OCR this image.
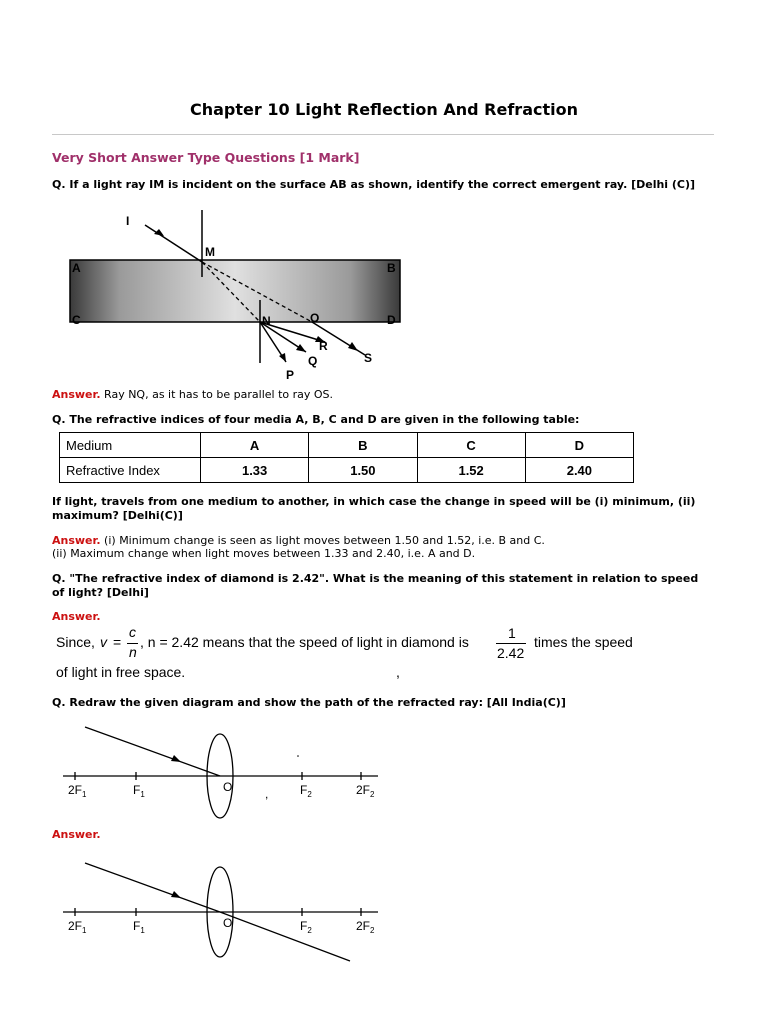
Chapter 10 Light Reflection And Refraction
Very Short Answer Type Questions [1 Mark]
Q. If a light ray IM is incident on the surface AB as shown, identify the correct emergent ray. [Delhi (C)]
I
M
A	B
C	D
N	O
R
Q
P
S
Answer. Ray NQ, as it has to be parallel to ray OS.
Q. The refractive indices of four media A, B, C and D are given in the following table:
Medium	A	B	C	D
Refractive Index	1.33	1.50	1.52	2.40
If light, travels from one medium to another, in which case the change in speed will be (i) minimum, (ii) maximum? [Delhi(C)]
Answer. (i) Minimum change is seen as light moves between 1.50 and 1.52, i.e. B and C.
(ii) Maximum change when light moves between 1.33 and 2.40, i.e. A and D.
Q. "The refractive index of diamond is 2.42". What is the meaning of this statement in relation to speed of light? [Delhi]
Answer.
Since, v =
c
n
, n = 2.42 means that the speed of light in diamond is
1
2.42
times the speed
of light in free space.	,
Q. Redraw the given diagram and show the path of the refracted ray: [All India(C)]
$2F_1$	$F_1$
O	,	$F_2$	$2F_2$
Answer.
$2F_1$	$F_1$
O	$F_2$	$2F_2$
